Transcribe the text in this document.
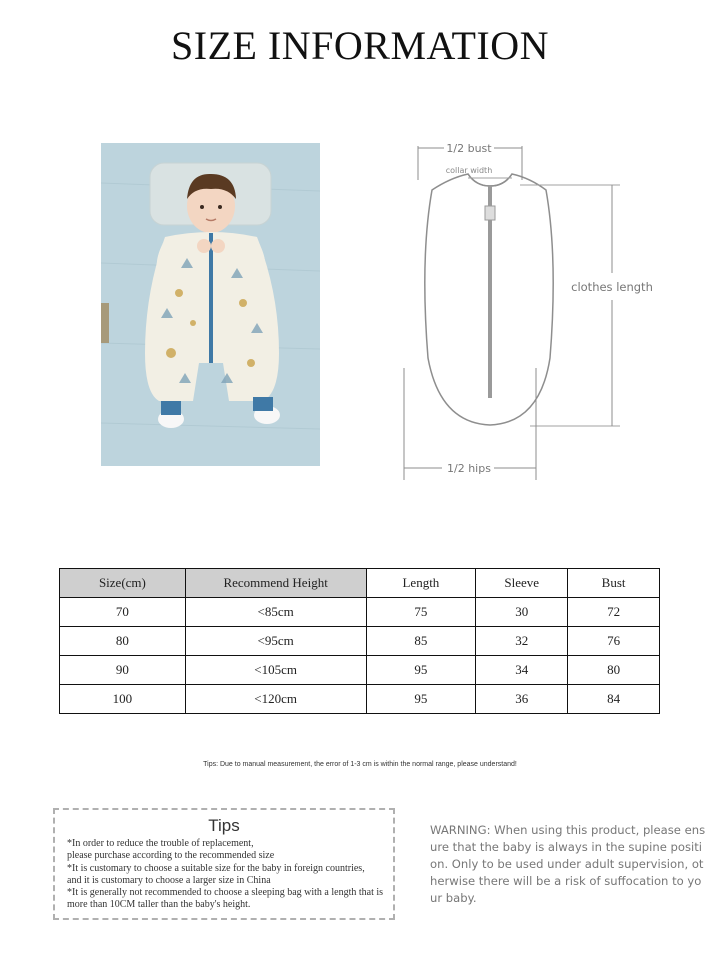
SIZE INFORMATION
1/2 bust
collar width
clothes length
1/2 hips
Size(cm)	Recommend Height	Length	Sleeve	Bust
70	<85cm	75	30	72
80	<95cm	85	32	76
90	<105cm	95	34	80
100	<120cm	95	36	84
Tips: Due to manual measurement, the error of 1-3 cm is within the normal range, please understand!
Tips

*In order to reduce the trouble of replacement,

please purchase according to the recommended size

*It is customary to choose a suitable size for the baby in foreign countries,

and it is customary to choose a larger size in China

*It is generally not recommended to choose a sleeping bag with a length that is

more than 10CM taller than the baby's height.

WARNING: When using this product, please ensure that the baby is always in the supine position. Only to be used under adult supervision, otherwise there will be a risk of suffocation to your baby.
